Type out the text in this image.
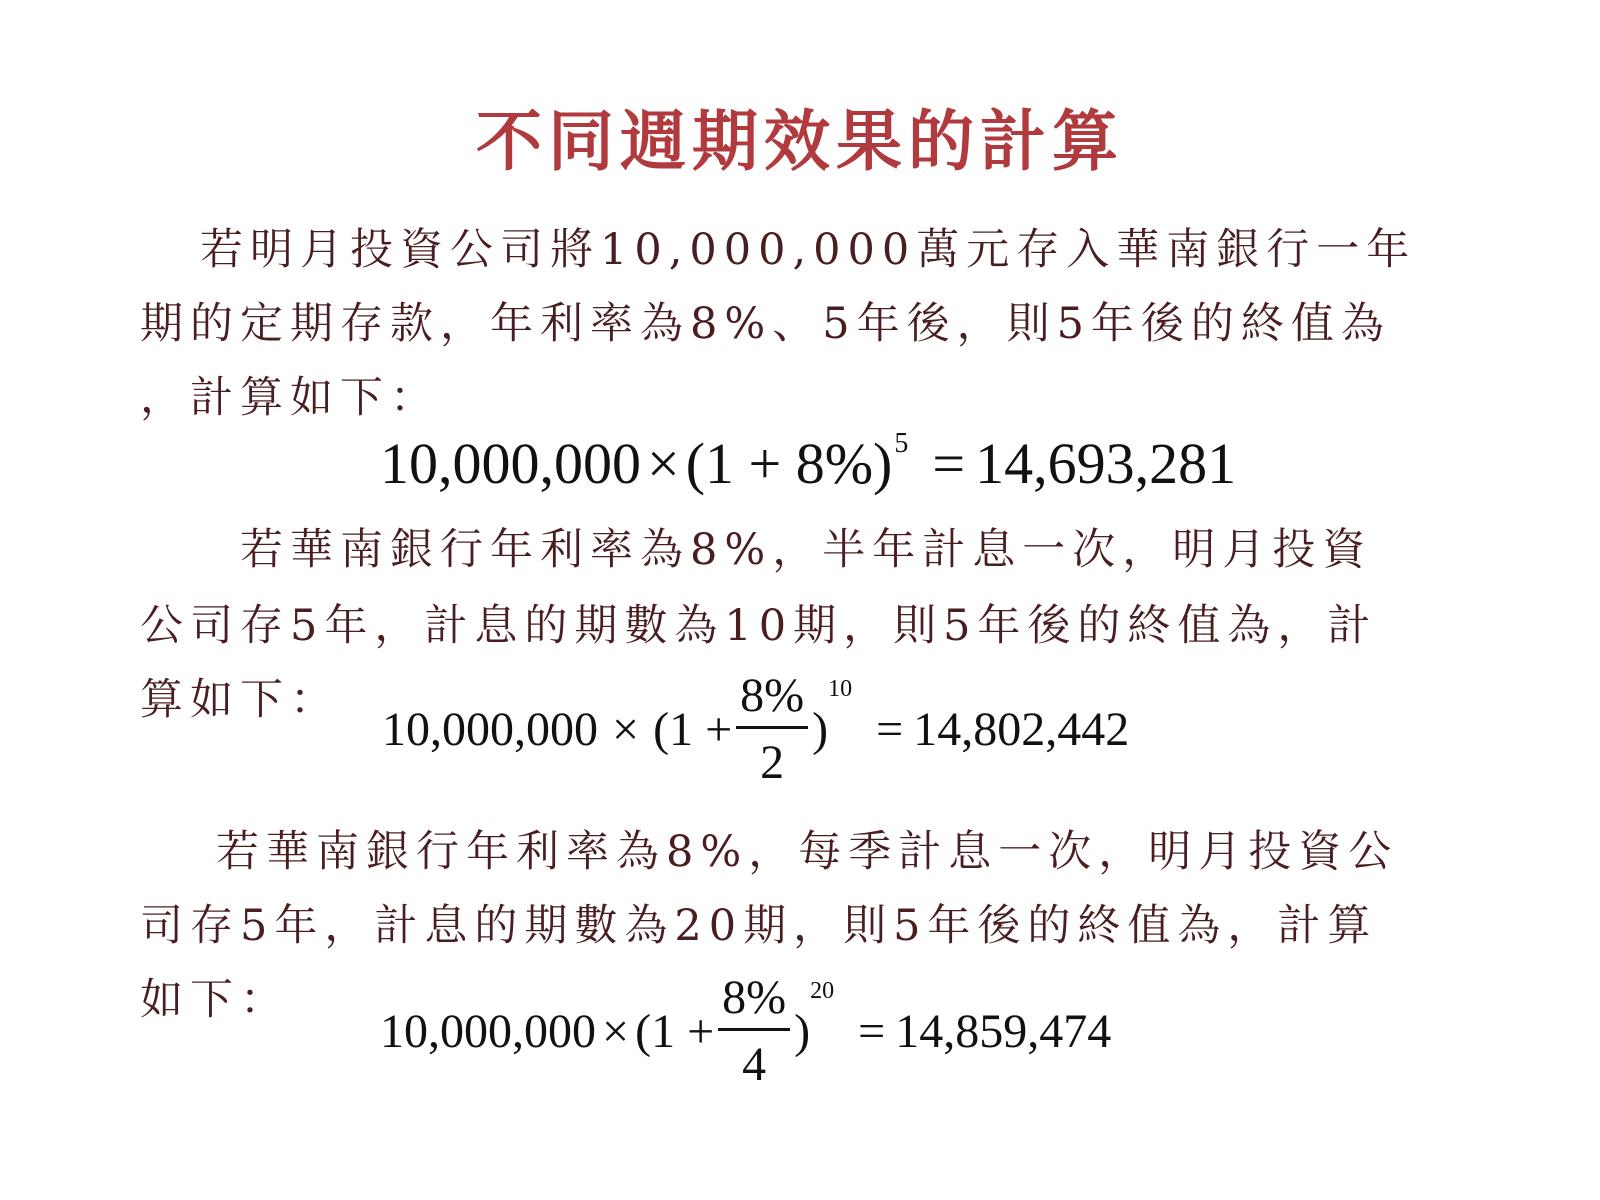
不同週期效果的計算
若明月投資公司將10,000,000萬元存入華南銀行一年
期的定期存款，年利率為8%、5年後，則5年後的終值為
，計算如下：
$10,000,000 \times (1 + 8\%)^5 = 14,693,281$
若華南銀行年利率為8%，半年計息一次，明月投資
公司存5年，計息的期數為10期，則5年後的終值為，計
算如下：
$10,000,000 \times (1 + \frac{8\%}{2}$ )
10
= 14,802,442
若華南銀行年利率為8%，每季計息一次，明月投資公
司存5年，計息的期數為20期，則5年後的終值為，計算
如下：
$10,000,000 \times (1 + \frac{8\%}{4}$ )
20
= 14,859,474
